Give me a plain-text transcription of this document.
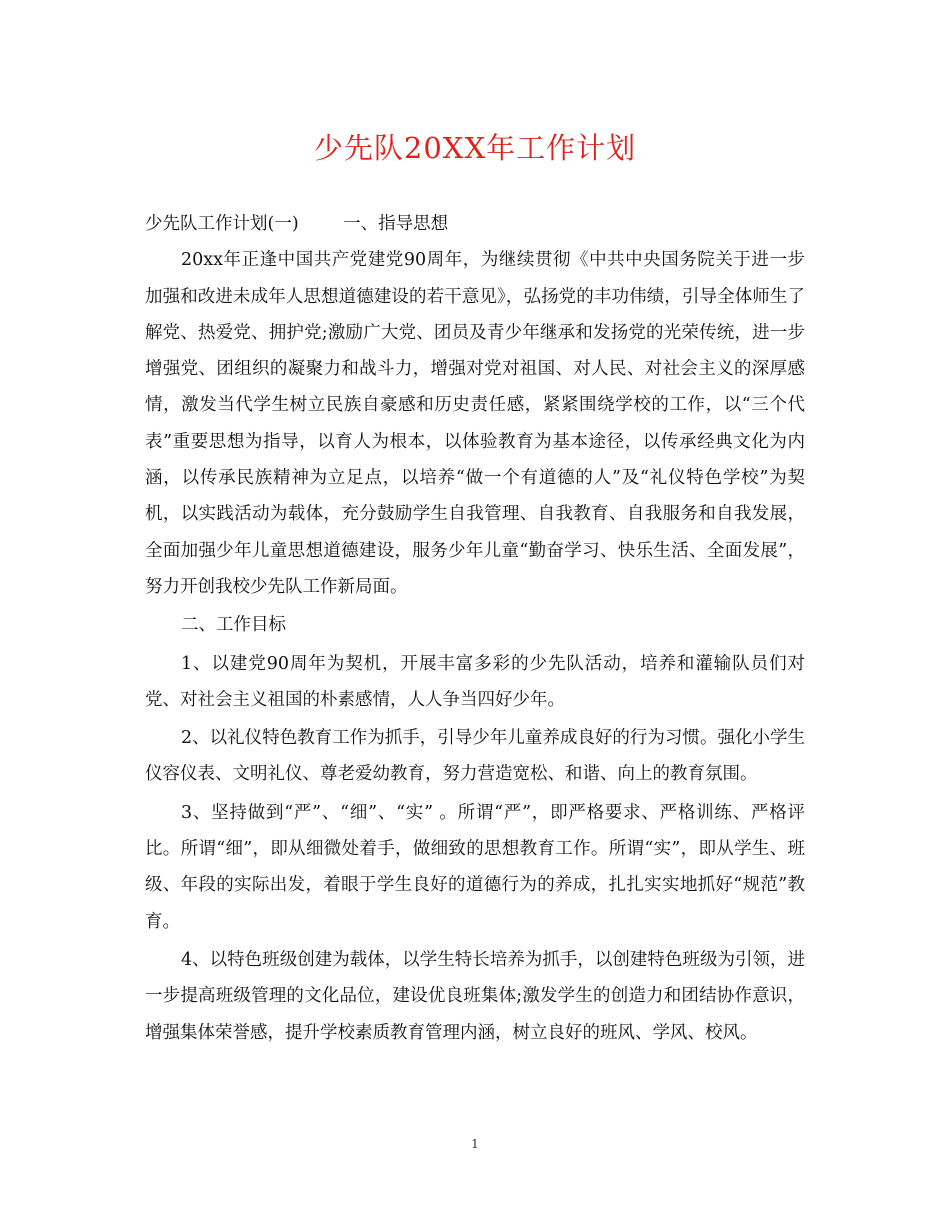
少先队20XX年工作计划

少先队工作计划(一)	一、指导思想

20xx年正逢中国共产党建党90周年，为继续贯彻《中共中央国务院关于进一步加强和改进未成年人思想道德建设的若干意见》，弘扬党的丰功伟绩，引导全体师生了解党、热爱党、拥护党;激励广大党、团员及青少年继承和发扬党的光荣传统，进一步增强党、团组织的凝聚力和战斗力，增强对党对祖国、对人民、对社会主义的深厚感情，激发当代学生树立民族自豪感和历史责任感，紧紧围绕学校的工作，以“三个代表”重要思想为指导，以育人为根本，以体验教育为基本途径，以传承经典文化为内涵，以传承民族精神为立足点，以培养“做一个有道德的人”及“礼仪特色学校”为契机，以实践活动为载体，充分鼓励学生自我管理、自我教育、自我服务和自我发展，全面加强少年儿童思想道德建设，服务少年儿童“勤奋学习、快乐生活、全面发展”，努力开创我校少先队工作新局面。

二、工作目标

1、以建党90周年为契机，开展丰富多彩的少先队活动，培养和灌输队员们对党、对社会主义祖国的朴素感情，人人争当四好少年。

2、以礼仪特色教育工作为抓手，引导少年儿童养成良好的行为习惯。强化小学生仪容仪表、文明礼仪、尊老爱幼教育，努力营造宽松、和谐、向上的教育氛围。

3、坚持做到“严”、“细”、“实” 。所谓“严”，即严格要求、严格训练、严格评比。所谓“细”，即从细微处着手，做细致的思想教育工作。所谓“实”，即从学生、班级、年段的实际出发，着眼于学生良好的道德行为的养成，扎扎实实地抓好“规范”教育。

4、以特色班级创建为载体，以学生特长培养为抓手，以创建特色班级为引领，进一步提高班级管理的文化品位，建设优良班集体;激发学生的创造力和团结协作意识，增强集体荣誉感，提升学校素质教育管理内涵，树立良好的班风、学风、校风。

1
